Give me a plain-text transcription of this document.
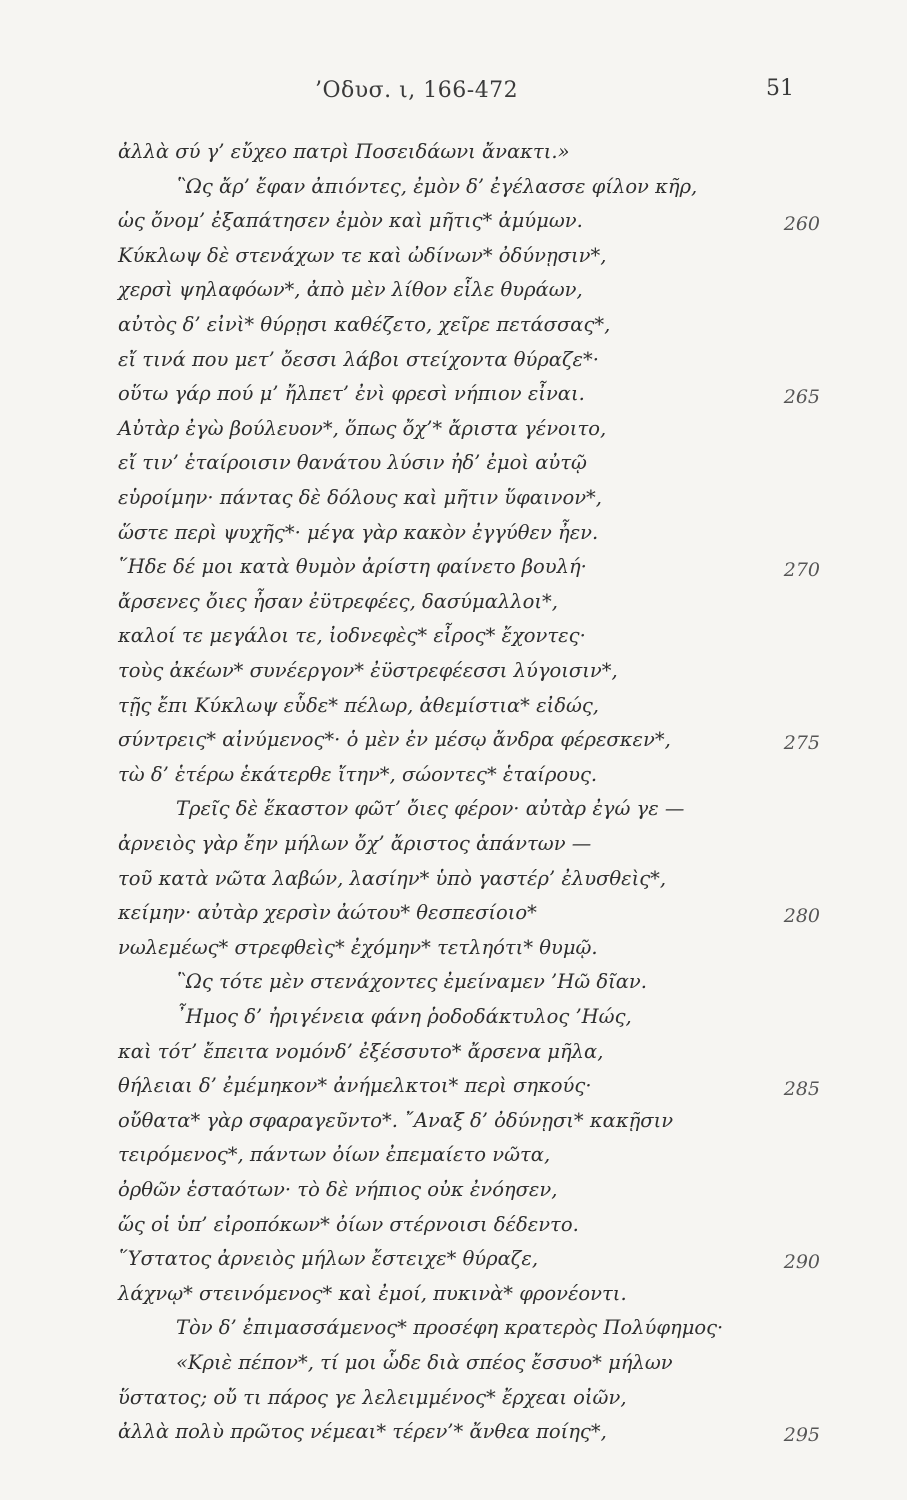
’Οδυσ. ι, 166-472	51
ἀλλὰ σύ γ’ εὔχεο πατρὶ Ποσειδάωνι ἄνακτι.»
῝Ως ἄρ’ ἔφαν ἀπιόντες, ἐμὸν δ’ ἐγέλασσε φίλον κῆρ,
ὡς ὄνομ’ ἐξαπάτησεν ἐμὸν καὶ μῆτις* ἀμύμων.	260
Κύκλωψ δὲ στενάχων τε καὶ ὠδίνων* ὀδύνῃσιν*,
χερσὶ ψηλαφόων*, ἀπὸ μὲν λίθον εἷλε θυράων,
αὐτὸς δ’ εἰνὶ* θύρῃσι καθέζετο, χεῖρε πετάσσας*,
εἴ τινά που μετ’ ὄεσσι λάβοι στείχοντα θύραζε*·
οὕτω γάρ πού μ’ ἤλπετ’ ἐνὶ φρεσὶ νήπιον εἶναι.	265
Αὐτὰρ ἐγὼ βούλευον*, ὅπως ὄχ’* ἄριστα γένοιτο,
εἴ τιν’ ἑταίροισιν θανάτου λύσιν ἠδ’ ἐμοὶ αὐτῷ
εὑροίμην· πάντας δὲ δόλους καὶ μῆτιν ὕφαινον*,
ὥστε περὶ ψυχῆς*· μέγα γὰρ κακὸν ἐγγύθεν ἦεν.
῞Ηδε δέ μοι κατὰ θυμὸν ἀρίστη φαίνετο βουλή·	270
ἄρσενες ὄιες ἦσαν ἐϋτρεφέες, δασύμαλλοι*,
καλοί τε μεγάλοι τε, ἰοδνεφὲς* εἶρος* ἔχοντες·
τοὺς ἀκέων* συνέεργον* ἐϋστρεφέεσσι λύγοισιν*,
τῇς ἔπι Κύκλωψ εὗδε* πέλωρ, ἀθεμίστια* εἰδώς,
σύντρεις* αἰνύμενος*· ὁ μὲν ἐν μέσῳ ἄνδρα φέρεσκεν*,	275
τὼ δ’ ἑτέρω ἑκάτερθε ἴτην*, σώοντες* ἑταίρους.
Τρεῖς δὲ ἕκαστον φῶτ’ ὄιες φέρον· αὐτὰρ ἐγώ γε —
ἀρνειὸς γὰρ ἔην μήλων ὄχ’ ἄριστος ἁπάντων —
τοῦ κατὰ νῶτα λαβών, λασίην* ὑπὸ γαστέρ’ ἐλυσθεὶς*,
κείμην· αὐτὰρ χερσὶν ἀώτου* θεσπεσίοιο*	280
νωλεμέως* στρεφθεὶς* ἐχόμην* τετληότι* θυμῷ.
῝Ως τότε μὲν στενάχοντες ἐμείναμεν ’Ηῶ δῖαν.
῏Ημος δ’ ἠριγένεια φάνη ῥοδοδάκτυλος ’Ηώς,
καὶ τότ’ ἔπειτα νομόνδ’ ἐξέσσυτο* ἄρσενα μῆλα,
θήλειαι δ’ ἐμέμηκον* ἀνήμελκτοι* περὶ σηκούς·	285
οὔθατα* γὰρ σφαραγεῦντο*. ῎Αναξ δ’ ὀδύνῃσι* κακῇσιν
τειρόμενος*, πάντων ὀίων ἐπεμαίετο νῶτα,
ὀρθῶν ἑσταότων· τὸ δὲ νήπιος οὐκ ἐνόησεν,
ὥς οἱ ὑπ’ εἰροπόκων* ὀίων στέρνοισι δέδεντο.
῞Υστατος ἀρνειὸς μήλων ἔστειχε* θύραζε,	290
λάχνῳ* στεινόμενος* καὶ ἐμοί, πυκινὰ* φρονέοντι.
Τὸν δ’ ἐπιμασσάμενος* προσέφη κρατερὸς Πολύφημος·
«Κριὲ πέπον*, τί μοι ὧδε διὰ σπέος ἔσσυο* μήλων
ὕστατος; οὔ τι πάρος γε λελειμμένος* ἔρχεαι οἰῶν,
ἀλλὰ πολὺ πρῶτος νέμεαι* τέρεν’* ἄνθεα ποίης*,	295
